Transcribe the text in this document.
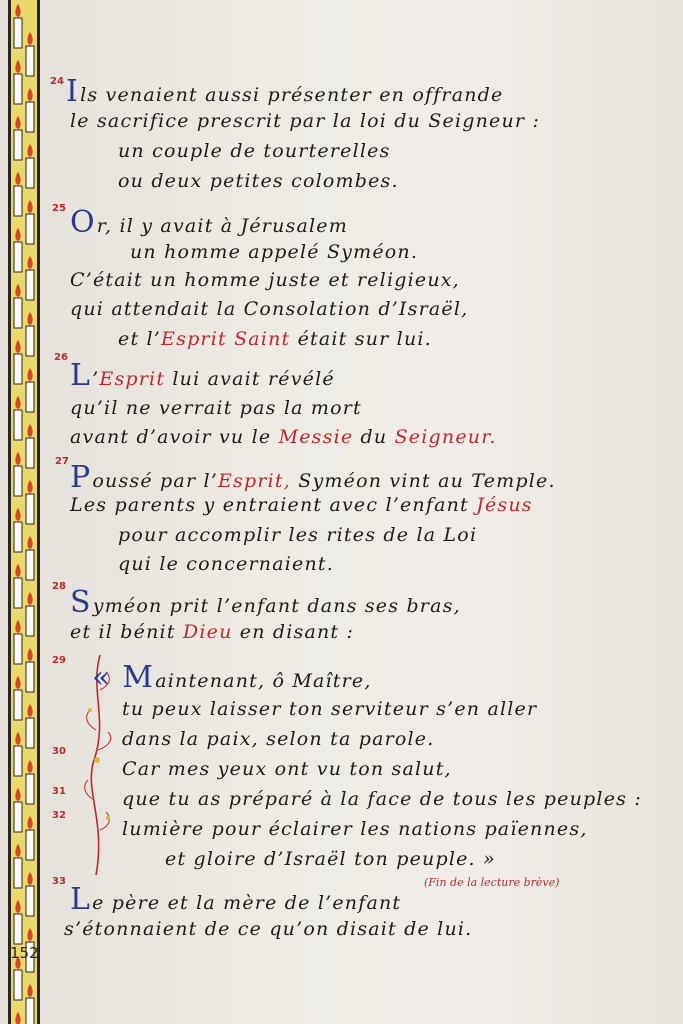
24 Ils venaient aussi présenter en offrande
le sacrifice prescrit par la loi du Seigneur :
un couple de tourterelles
ou deux petites colombes.
25 Or, il y avait à Jérusalem
un homme appelé Syméon.
C’était un homme juste et religieux,
qui attendait la Consolation d’Israël,
et l’Esprit Saint était sur lui.
26
L’Esprit lui avait révélé
qu’il ne verrait pas la mort
avant d’avoir vu le Messie du Seigneur.
27 Poussé par l’Esprit, Syméon vint au Temple.
Les parents y entraient avec l’enfant Jésus
pour accomplir les rites de la Loi
qui le concernaient.
28 Syméon prit l’enfant dans ses bras,
et il bénit Dieu en disant :
29 « Maintenant, ô Maître,
tu peux laisser ton serviteur s’en aller
dans la paix, selon ta parole.
30
Car mes yeux ont vu ton salut,
31	que tu as préparé à la face de tous les peuples :
32
lumière pour éclairer les nations païennes,
et gloire d’Israël ton peuple. »
33
Le père et la mère de l’enfant
s’étonnaient de ce qu’on disait de lui.
(Fin de la lecture brève)
152
